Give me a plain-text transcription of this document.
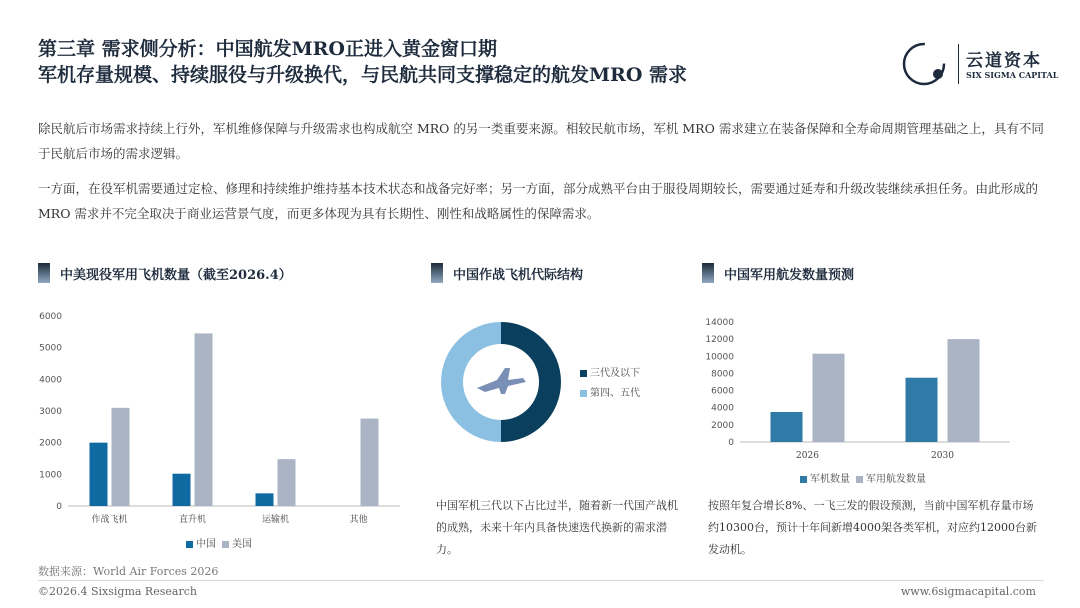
第三章 需求侧分析：中国航发MRO正进入黄金窗口期
军机存量规模、持续服役与升级换代，与民航共同支撑稳定的航发MRO 需求
云道资本
SIX SIGMA CAPITAL
除民航后市场需求持续上行外，军机维修保障与升级需求也构成航空 MRO 的另一类重要来源。相较民航市场，军机 MRO 需求建立在装备保障和全寿命周期管理基础之上，具有不同于民航后市场的需求逻辑。
一方面，在役军机需要通过定检、修理和持续维护维持基本技术状态和战备完好率；另一方面，部分成熟平台由于服役周期较长，需要通过延寿和升级改装继续承担任务。由此形成的 MRO 需求并不完全取决于商业运营景气度，而更多体现为具有长期性、刚性和战略属性的保障需求。
中美现役军用飞机数量（截至2026.4）	中国作战飞机代际结构	中国军用航发数量预测
0
1000
2000
3000
4000
5000
6000
作战飞机	直升机	运输机	其他
中国 美国
三代及以下
第四、五代
中国军机三代以下占比过半，随着新一代国产战机的成熟，未来十年内具备快速迭代换新的需求潜力。
0
2000
4000
6000
8000
10000
12000
14000
2026	2030
军机数量 军用航发数量
按照年复合增长8%、一飞三发的假设预测，当前中国军机存量市场约10300台，预计十年间新增4000架各类军机，对应约12000台新发动机。
数据来源：World Air Forces 2026
©2026.4 Sixsigma Research	www.6sigmacapital.com
